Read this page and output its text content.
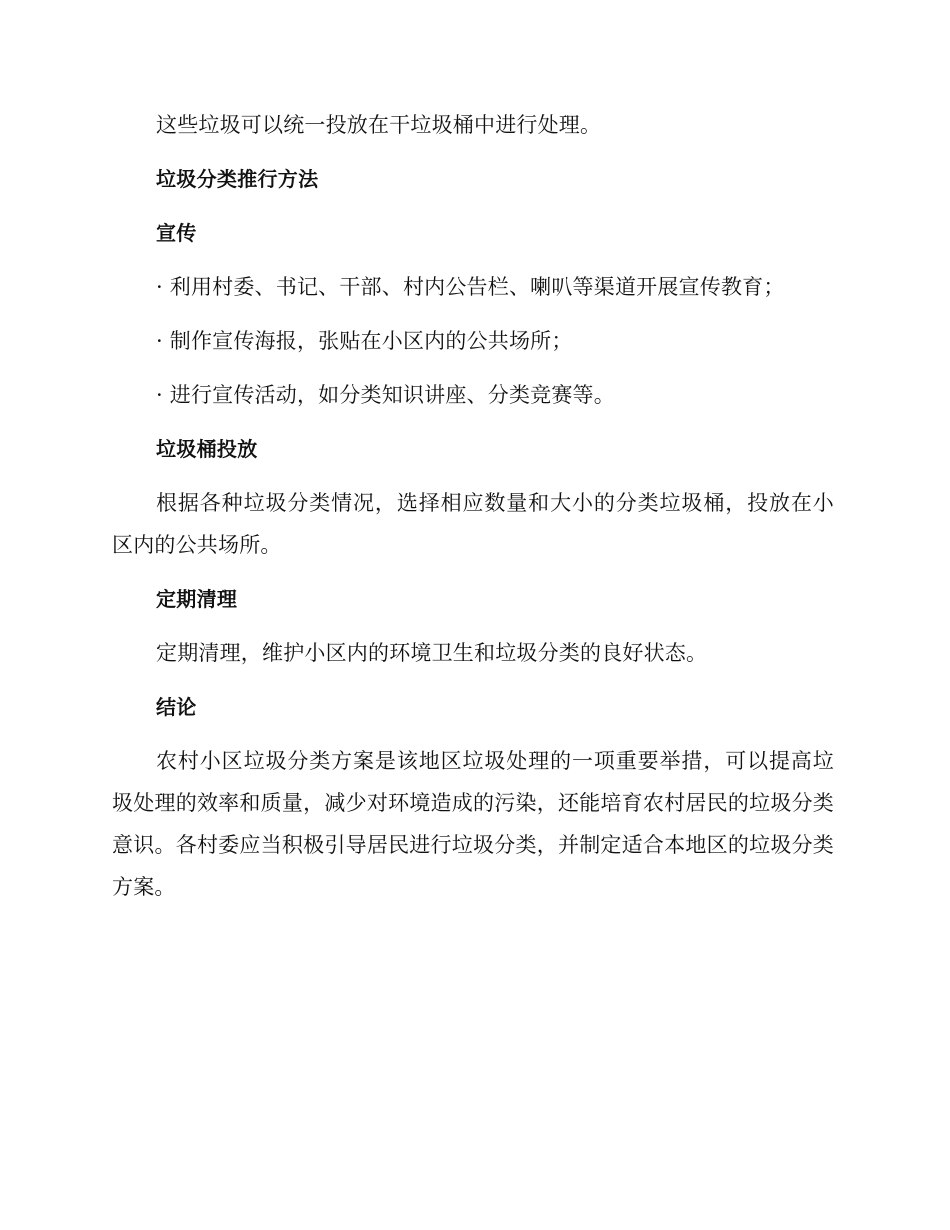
这些垃圾可以统一投放在干垃圾桶中进行处理。

垃圾分类推行方法

宣传

· 利用村委、书记、干部、村内公告栏、喇叭等渠道开展宣传教育；

· 制作宣传海报，张贴在小区内的公共场所；

· 进行宣传活动，如分类知识讲座、分类竞赛等。

垃圾桶投放

根据各种垃圾分类情况，选择相应数量和大小的分类垃圾桶，投放在小区内的公共场所。

定期清理

定期清理，维护小区内的环境卫生和垃圾分类的良好状态。

结论

农村小区垃圾分类方案是该地区垃圾处理的一项重要举措，可以提高垃圾处理的效率和质量，减少对环境造成的污染，还能培育农村居民的垃圾分类意识。各村委应当积极引导居民进行垃圾分类，并制定适合本地区的垃圾分类方案。
